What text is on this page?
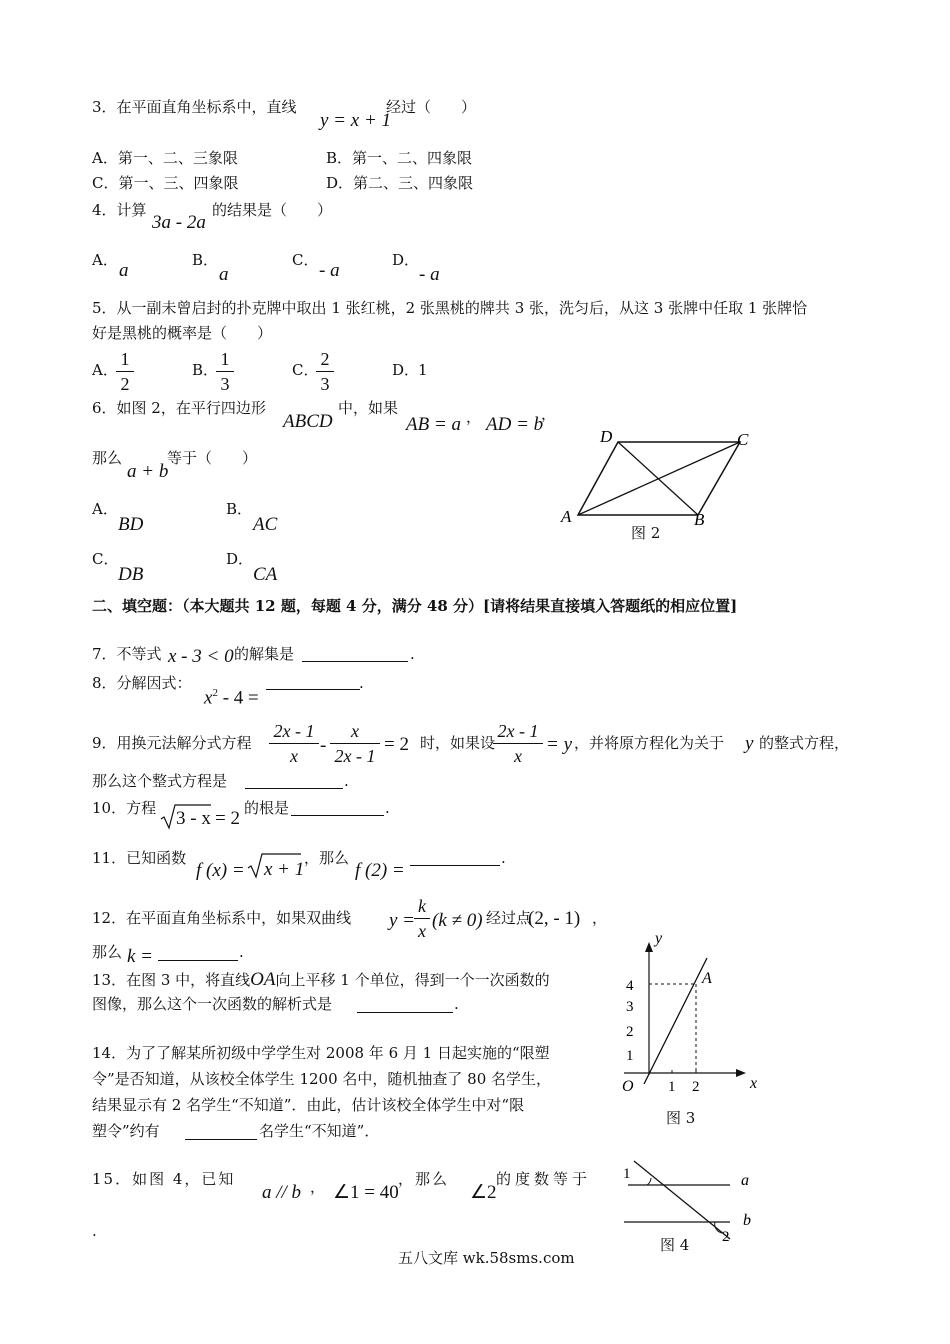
3．在平面直角坐标系中，直线
y = x + 1
经过（　　）
A．第一、二、三象限	B．第一、二、四象限
C．第一、三、四象限	D．第二、三、四象限
4．计算
3a - 2a
的结果是（　　）
A． a	B．
a
C． - a	D．
- a
5．从一副未曾启封的扑克牌中取出 1 张红桃，2 张黑桃的牌共 3 张，洗匀后，从这 3 张牌中任取 1 张牌恰
好是黑桃的概率是（　　）
A．
$\frac{1}{2}$	B．
$\frac{1}{3}$	C．
$\frac{2}{3}$	D．
1
6．如图 2，在平行四边形
ABCD
中，如果
AB = a ， AD = b
，
那么
a + b
等于（　　）
A．
BD
B．
AC
C．
DB
D．
CA
A	B
C
D
图 2
二、填空题：（本大题共 12 题，每题 4 分，满分 48 分）[请将结果直接填入答题纸的相应位置]
7．不等式 x - 3 < 0 的解集是	.
8．分解因式：
$x^2 - 4$ =
.
9．用换元法解分式方程 $\frac{2x - 1}{x} - \frac{x}{2x - 1} = 2$ 时，如果设
$\frac{2x - 1}{x} = y$ ，并将原方程化为关于 y 的整式方程，
那么这个整式方程是	.
10．方程 3 - x = 2 的根是	.
11．已知函数
f (x) = x + 1
，那么
f (2) =
.
12．在平面直角坐标系中，如果双曲线 y =
$\frac{k}{x} (k \ne 0)$ 经过点
(2, - 1) ，
那么 k =	.
13．在图 3 中，将直线OA向上平移 1 个单位，得到一个一次函数的
图像，那么这个一次函数的解析式是	.
y
x
O
A
1 2
1
2
3
4
图 3
14．为了了解某所初级中学学生对 2008 年 6 月 1 日起实施的“限塑
令”是否知道，从该校全体学生 1200 名中，随机抽查了 80 名学生，
结果显示有 2 名学生“不知道”．由此，估计该校全体学生中对“限
塑令”约有	名学生“不知道”．
15．如图 4，已知
a // b ， ∠1 = 40
，那么
∠2
的度数等于
.
1
2
a
b
图 4
五八文库 wk.58sms.com
